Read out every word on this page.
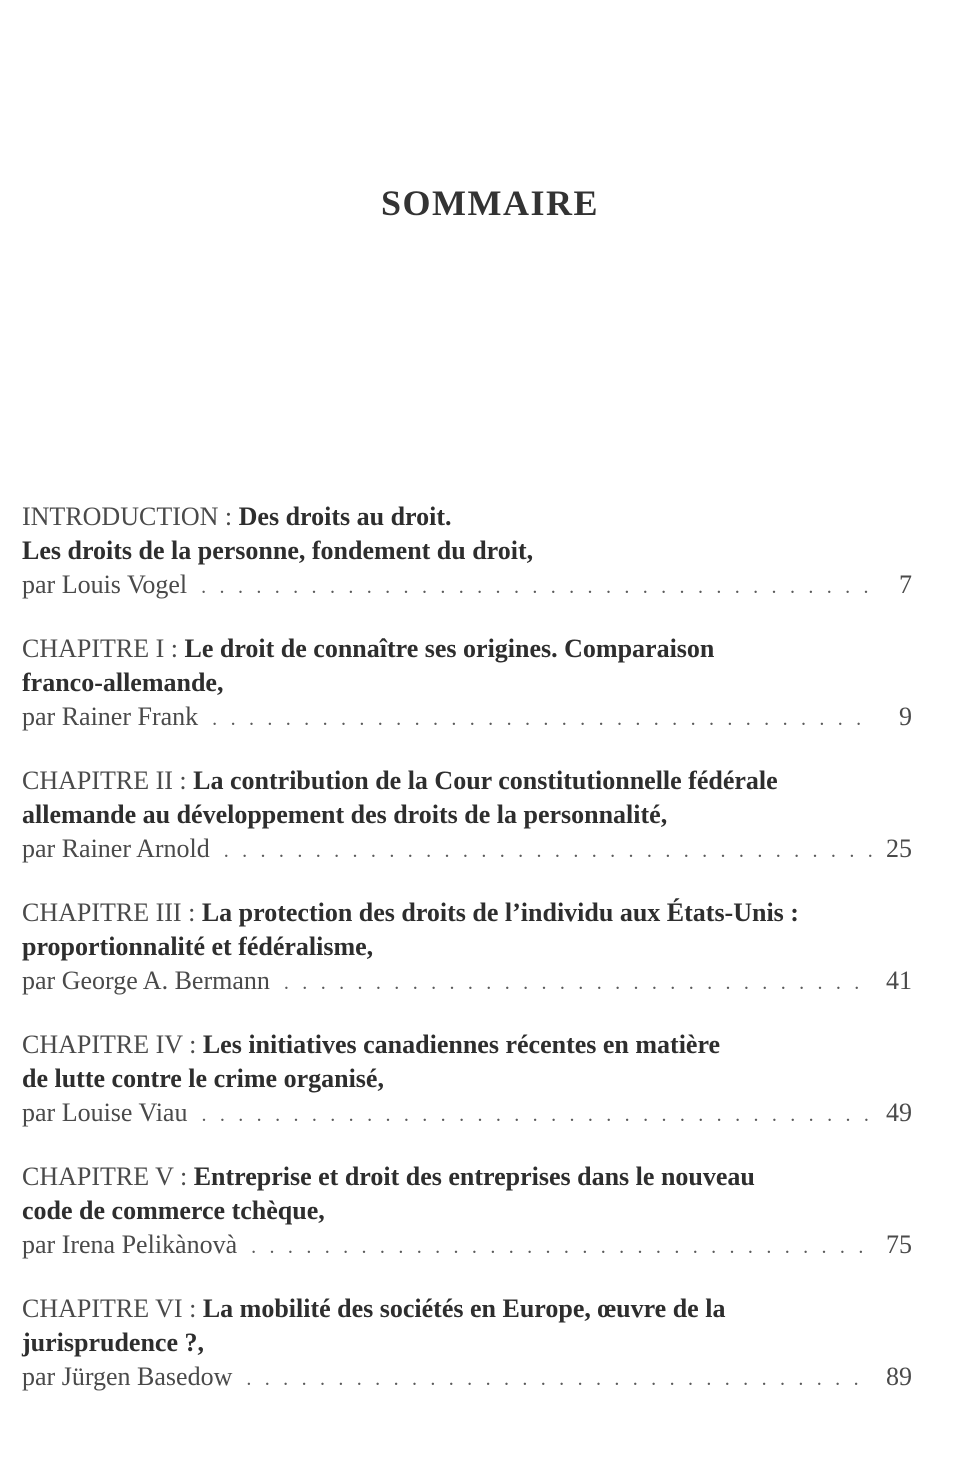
SOMMAIRE
INTRODUCTION : Des droits au droit.
Les droits de la personne, fondement du droit,
par Louis Vogel . . .	7
CHAPITRE I : Le droit de connaître ses origines. Comparaison
franco-allemande,
par Rainer Frank . . .	9
CHAPITRE II : La contribution de la Cour constitutionnelle fédérale
allemande au développement des droits de la personnalité,
par Rainer Arnold . . .	25
CHAPITRE III : La protection des droits de l’individu aux États-Unis :
proportionnalité et fédéralisme,
par George A. Bermann . . .	41
CHAPITRE IV : Les initiatives canadiennes récentes en matière
de lutte contre le crime organisé,
par Louise Viau . . .	49
CHAPITRE V : Entreprise et droit des entreprises dans le nouveau
code de commerce tchèque,
par Irena Pelikànovà . . .	75
CHAPITRE VI : La mobilité des sociétés en Europe, œuvre de la
jurisprudence ?,
par Jürgen Basedow . . .	89
